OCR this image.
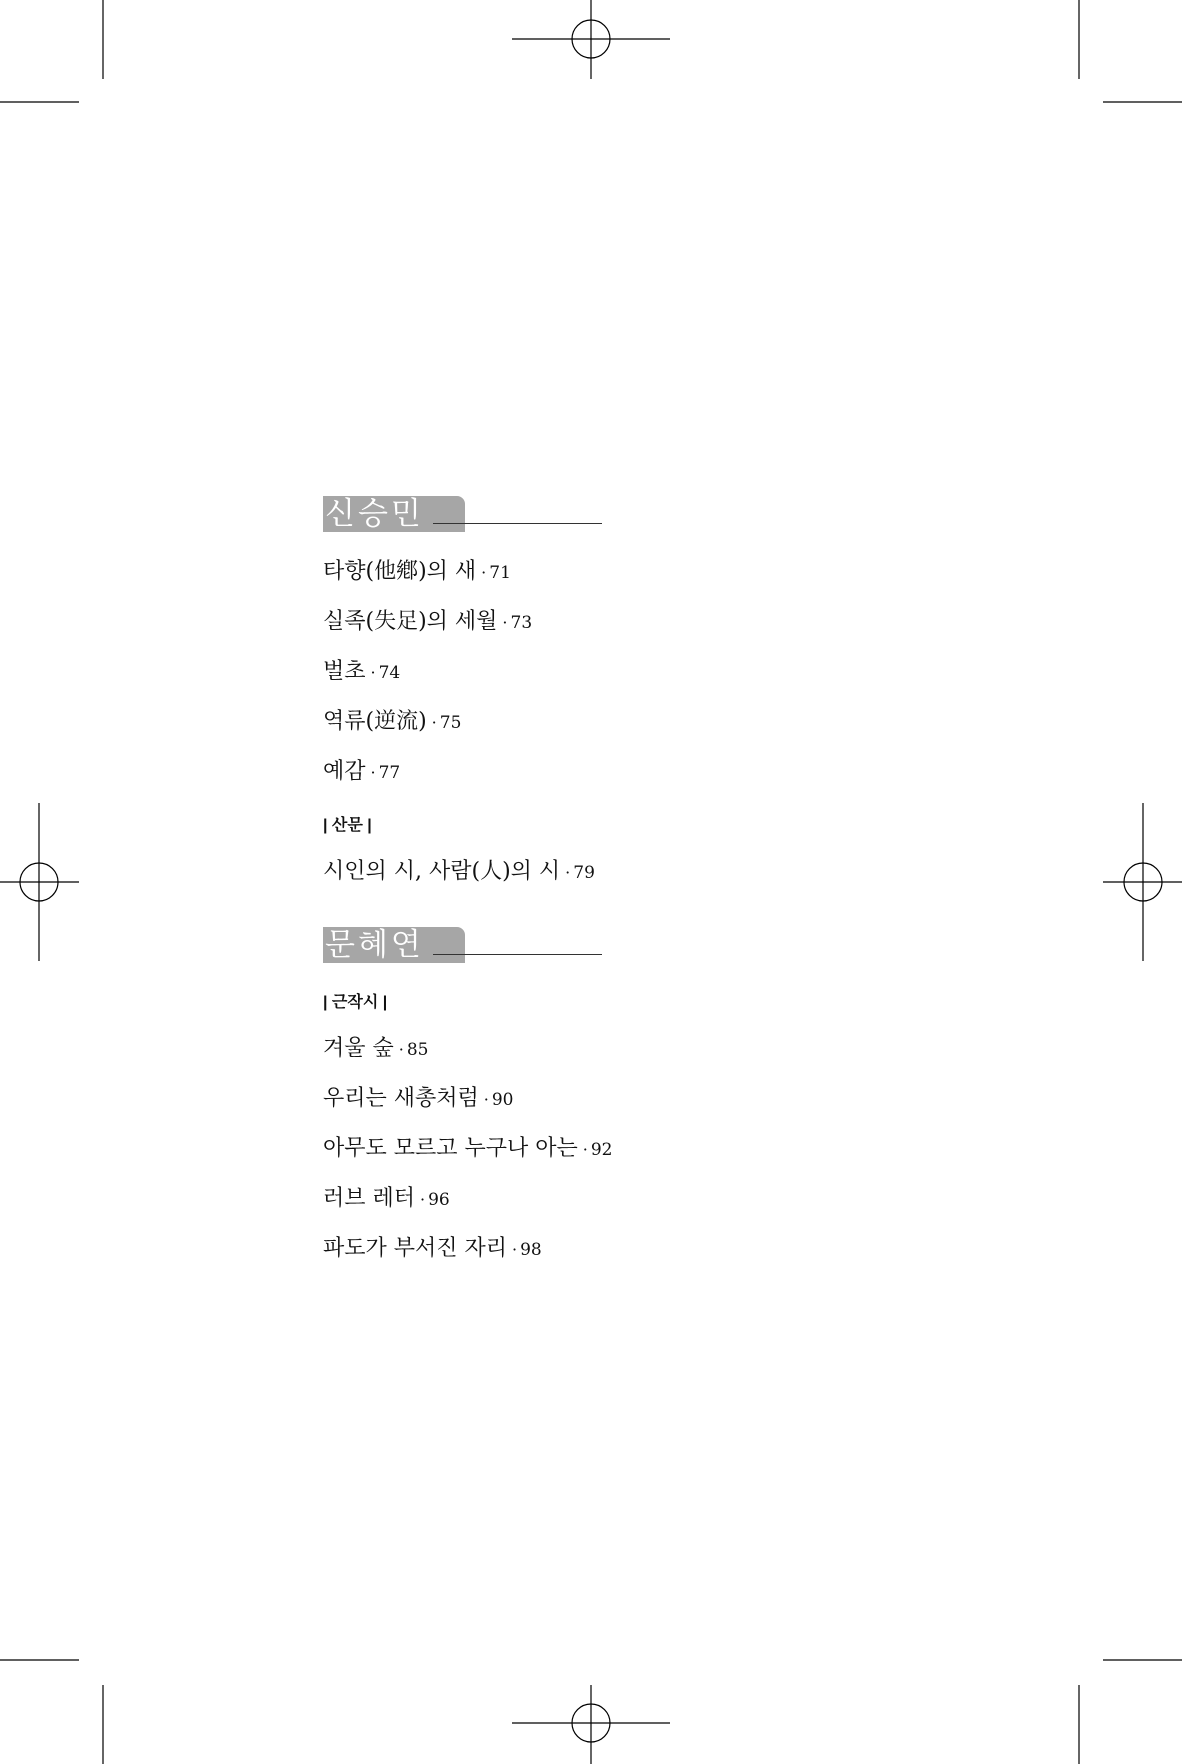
신승민
타향(他鄕)의 새 · 71
실족(失足)의 세월 · 73
벌초 · 74
역류(逆流) · 75
예감 · 77
| 산문 |
시인의 시, 사람(人)의 시 · 79
문혜연
| 근작시 |
겨울 숲 · 85
우리는 새총처럼 · 90
아무도 모르고 누구나 아는 · 92
러브 레터 · 96
파도가 부서진 자리 · 98
